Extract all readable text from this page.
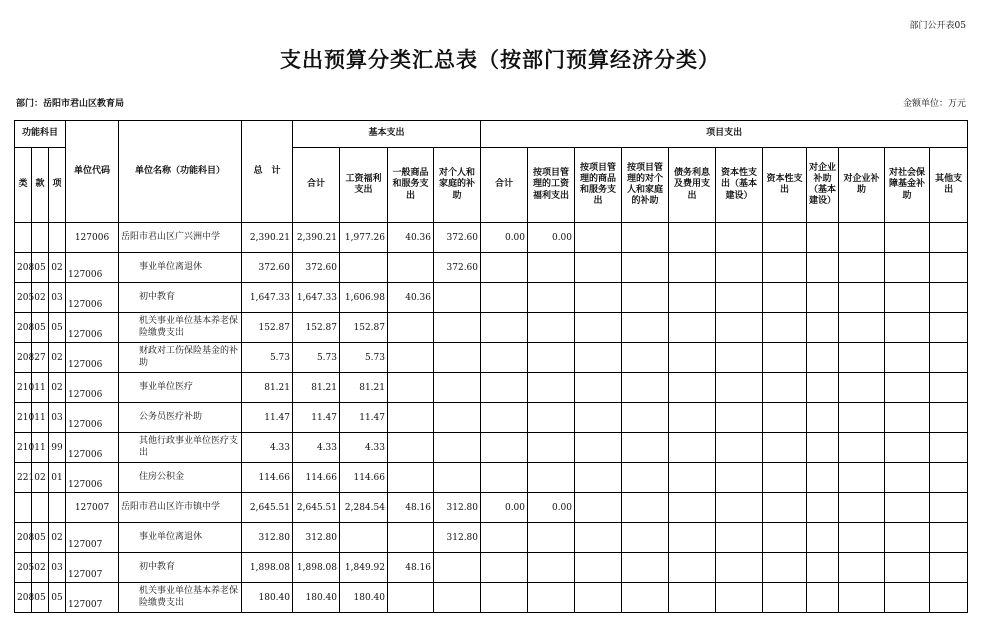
部门公开表05
支出预算分类汇总表（按部门预算经济分类）
部门：岳阳市君山区教育局	金额单位：万元
功能科目			单位代码	单位名称（功能科目）	总　计	基本支出				项目支出										
类	款	项				合计	工资福利支出	一般商品和服务支出	对个人和家庭的补助	合计	按项目管理的工资福利支出	按项目管理的商品和服务支出	按项目管理的对个人和家庭的补助	债务利息及费用支出	资本性支出（基本建设）	资本性支出	对企业补助（基本建设）	对企业补助	对社会保障基金补助	其他支出
			127006	岳阳市君山区广兴洲中学	2,390.21	2,390.21	1,977.26	40.36	372.60	0.00	0.00									
208	05	02	127006	事业单位离退休	372.60	372.60			372.60											
205	02	03	127006	初中教育	1,647.33	1,647.33	1,606.98	40.36												
208	05	05	127006	机关事业单位基本养老保险缴费支出	152.87	152.87	152.87													
208	27	02	127006	财政对工伤保险基金的补助	5.73	5.73	5.73													
210	11	02	127006	事业单位医疗	81.21	81.21	81.21													
210	11	03	127006	公务员医疗补助	11.47	11.47	11.47													
210	11	99	127006	其他行政事业单位医疗支出	4.33	4.33	4.33													
221	02	01	127006	住房公积金	114.66	114.66	114.66													
			127007	岳阳市君山区许市镇中学	2,645.51	2,645.51	2,284.54	48.16	312.80	0.00	0.00									
208	05	02	127007	事业单位离退休	312.80	312.80			312.80											
205	02	03	127007	初中教育	1,898.08	1,898.08	1,849.92	48.16												
208	05	05	127007	机关事业单位基本养老保险缴费支出	180.40	180.40	180.40													
